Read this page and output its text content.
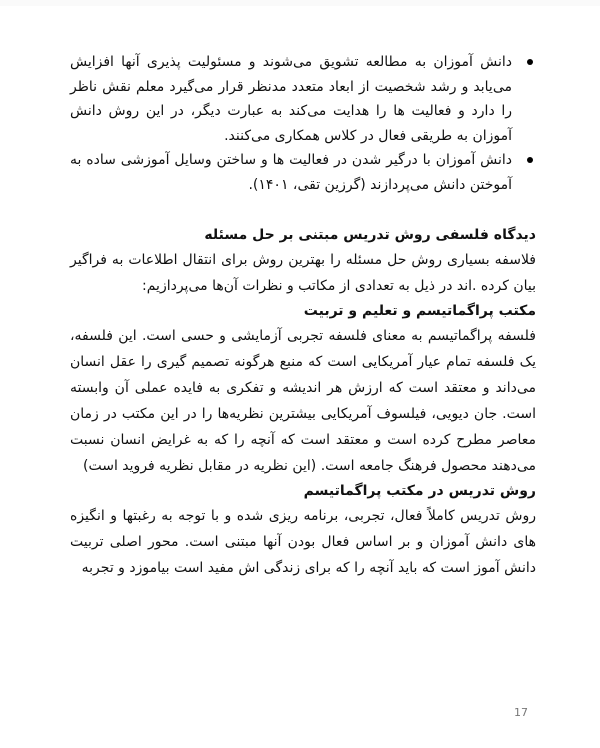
دانش آموزان به مطالعه تشویق می‌شوند و مسئولیت پذیری آنها افزایش می‌یابد و رشد شخصیت از ابعاد متعدد مدنظر قرار می‌گیرد معلم نقش ناظر را دارد و فعالیت ها را هدایت می‌کند به عبارت دیگر، در این روش دانش آموزان به طریقی فعال در کلاس همکاری می‌کنند.
دانش آموزان با درگیر شدن در فعالیت ها و ساختن وسایل آموزشی ساده به آموختن دانش می‌پردازند (گرزین تقی، ۱۴۰۱).

دیدگاه فلسفی روش تدریس مبتنی بر حل مسئله

فلاسفه بسیاری روش حل مسئله را بهترین روش برای انتقال اطلاعات به فراگیر بیان کرده .اند در ذیل به تعدادی از مکاتب و نظرات آن‌ها می‌پردازیم:

مکتب پراگماتیسم و تعلیم و تربیت

فلسفه پراگماتیسم به معنای فلسفه تجربی آزمایشی و حسی است. این فلسفه، یک فلسفه تمام عیار آمریکایی است که منبع هرگونه تصمیم گیری را عقل انسان می‌داند و معتقد است که ارزش هر اندیشه و تفکری به فایده عملی آن وابسته است. جان دیویی، فیلسوف آمریکایی بیشترین نظریه‌ها را در این مکتب در زمان معاصر مطرح کرده است و معتقد است که آنچه را که به غرایض انسان نسبت می‌دهند محصول فرهنگ جامعه است. (این نظریه در مقابل نظریه فروید است)

روش تدریس در مکتب پراگماتیسم

روش تدریس کاملاً فعال، تجربی، برنامه ریزی شده و با توجه به رغبتها و انگیزه های دانش آموزان و بر اساس فعال بودن آنها مبتنی است. محور اصلی تربیت دانش آموز است که باید آنچه را که برای زندگی اش مفید است بیاموزد و تجربه

17
